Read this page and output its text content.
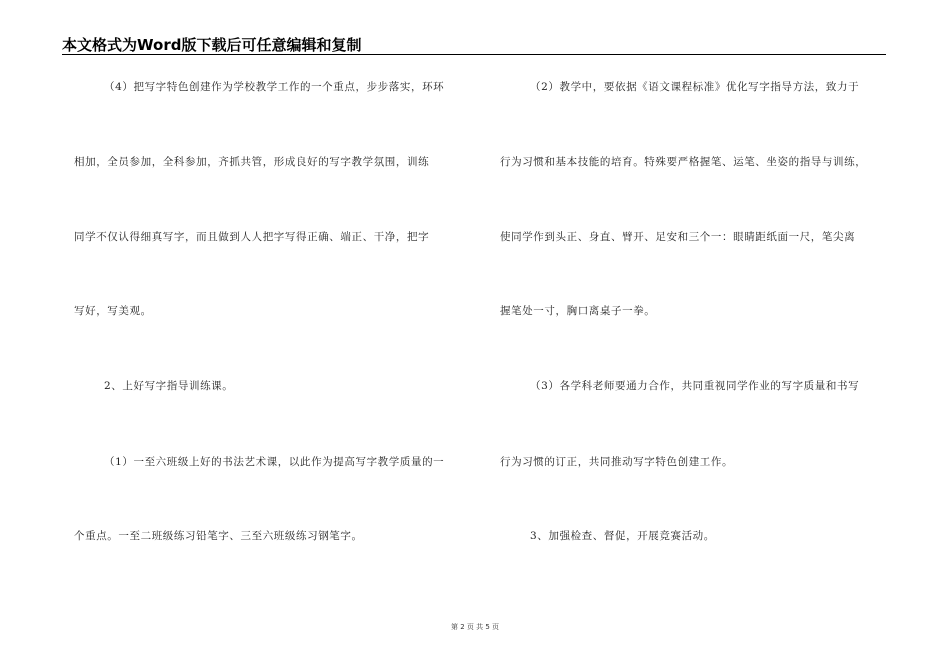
本文格式为Word版下载后可任意编辑和复制
（4）把写字特色创建作为学校教学工作的一个重点，步步落实，环环
相加，全员参加，全科参加，齐抓共管，形成良好的写字教学氛围，训练
同学不仅认得细真写字，而且做到人人把字写得正确、端正、干净，把字
写好，写美观。
2、上好写字指导训练课。
（1）一至六班级上好的书法艺术课，以此作为提高写字教学质量的一
个重点。一至二班级练习铅笔字、三至六班级练习钢笔字。
（2）教学中，要依据《语文课程标准》优化写字指导方法，致力于
行为习惯和基本技能的培育。特殊要严格握笔、运笔、坐姿的指导与训练，
使同学作到头正、身直、臂开、足安和三个一：眼睛距纸面一尺，笔尖离
握笔处一寸，胸口离桌子一拳。
（3）各学科老师要通力合作，共同重视同学作业的写字质量和书写
行为习惯的订正，共同推动写字特色创建工作。
3、加强检查、督促，开展竞赛活动。
第 2 页 共 5 页
